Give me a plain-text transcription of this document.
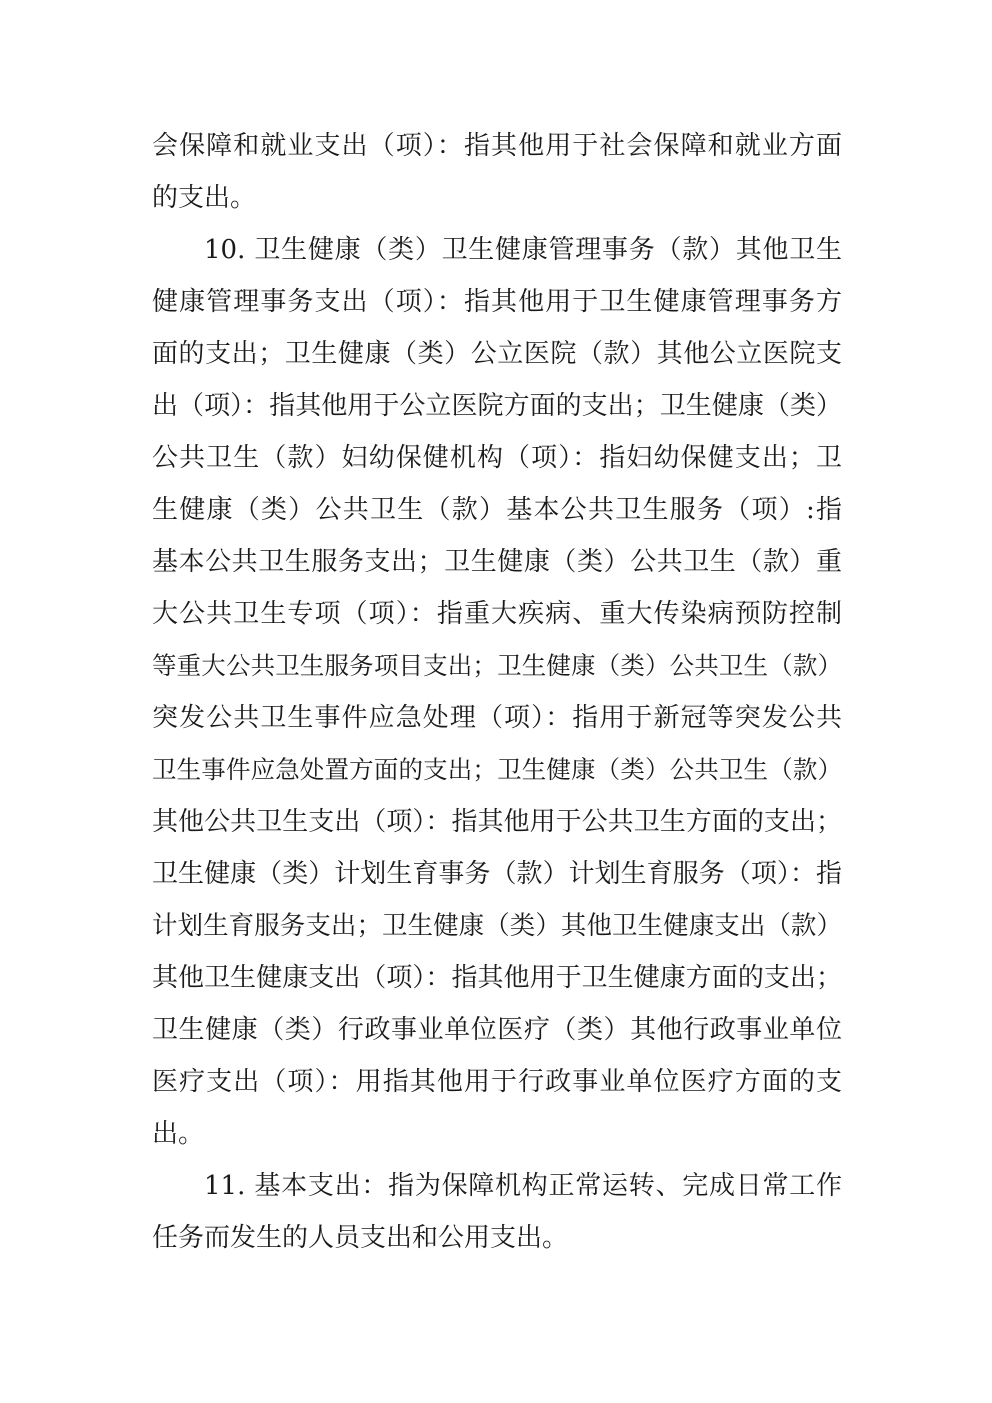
会保障和就业支出（项）：指其他用于社会保障和就业方面
的支出。
10. 卫生健康（类）卫生健康管理事务（款）其他卫生
健康管理事务支出（项）：指其他用于卫生健康管理事务方
面的支出；卫生健康（类）公立医院（款）其他公立医院支
出（项）：指其他用于公立医院方面的支出；卫生健康（类）
公共卫生（款）妇幼保健机构（项）：指妇幼保健支出；卫
生健康（类）公共卫生（款）基本公共卫生服务（项）:指
基本公共卫生服务支出；卫生健康（类）公共卫生（款）重
大公共卫生专项（项）：指重大疾病、重大传染病预防控制
等重大公共卫生服务项目支出；卫生健康（类）公共卫生（款）
突发公共卫生事件应急处理（项）：指用于新冠等突发公共
卫生事件应急处置方面的支出；卫生健康（类）公共卫生（款）
其他公共卫生支出（项）：指其他用于公共卫生方面的支出；
卫生健康（类）计划生育事务（款）计划生育服务（项）：指
计划生育服务支出；卫生健康（类）其他卫生健康支出（款）
其他卫生健康支出（项）：指其他用于卫生健康方面的支出；
卫生健康（类）行政事业单位医疗（类）其他行政事业单位
医疗支出（项）：用指其他用于行政事业单位医疗方面的支
出。
11. 基本支出：指为保障机构正常运转、完成日常工作
任务而发生的人员支出和公用支出。
